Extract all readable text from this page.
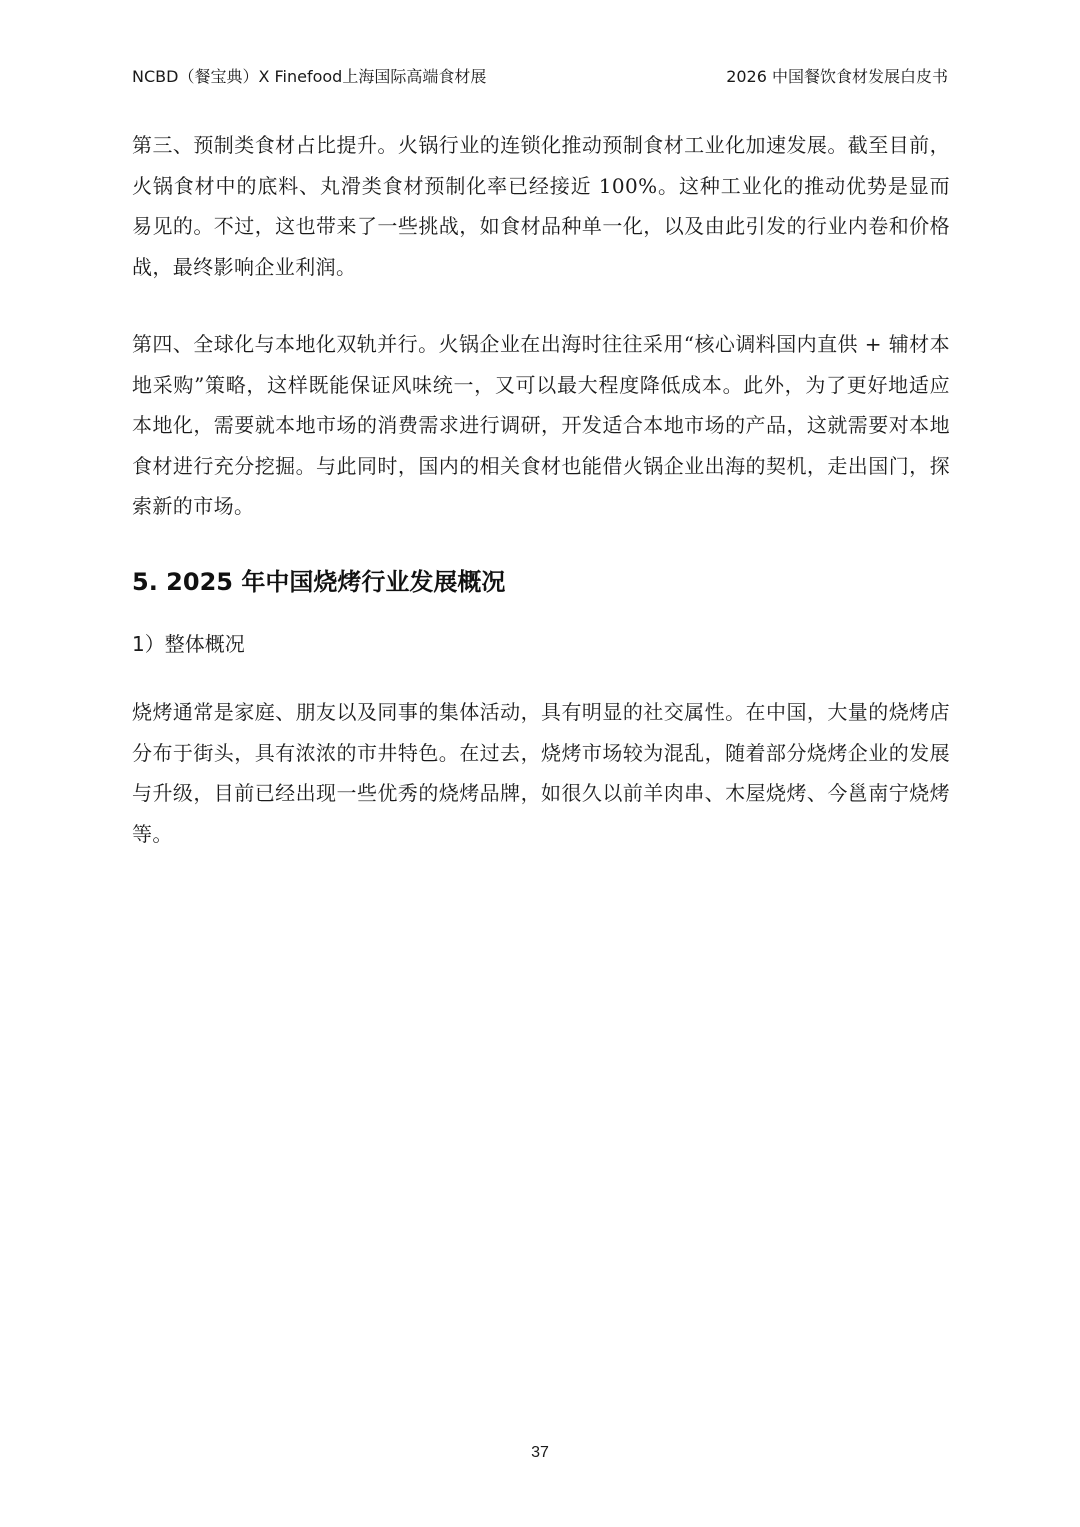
NCBD（餐宝典）X Finefood上海国际高端食材展	2026 中国餐饮食材发展白皮书

第三、预制类食材占比提升。火锅行业的连锁化推动预制食材工业化加速发展。截至目前，火锅食材中的底料、丸滑类食材预制化率已经接近 100%。这种工业化的推动优势是显而易见的。不过，这也带来了一些挑战，如食材品种单一化，以及由此引发的行业内卷和价格战，最终影响企业利润。

第四、全球化与本地化双轨并行。火锅企业在出海时往往采用“核心调料国内直供 + 辅材本地采购”策略，这样既能保证风味统一，又可以最大程度降低成本。此外，为了更好地适应本地化，需要就本地市场的消费需求进行调研，开发适合本地市场的产品，这就需要对本地食材进行充分挖掘。与此同时，国内的相关食材也能借火锅企业出海的契机，走出国门，探索新的市场。

5. 2025 年中国烧烤行业发展概况
1）整体概况

烧烤通常是家庭、朋友以及同事的集体活动，具有明显的社交属性。在中国，大量的烧烤店分布于街头，具有浓浓的市井特色。在过去，烧烤市场较为混乱，随着部分烧烤企业的发展与升级，目前已经出现一些优秀的烧烤品牌，如很久以前羊肉串、木屋烧烤、今邕南宁烧烤等。

37
